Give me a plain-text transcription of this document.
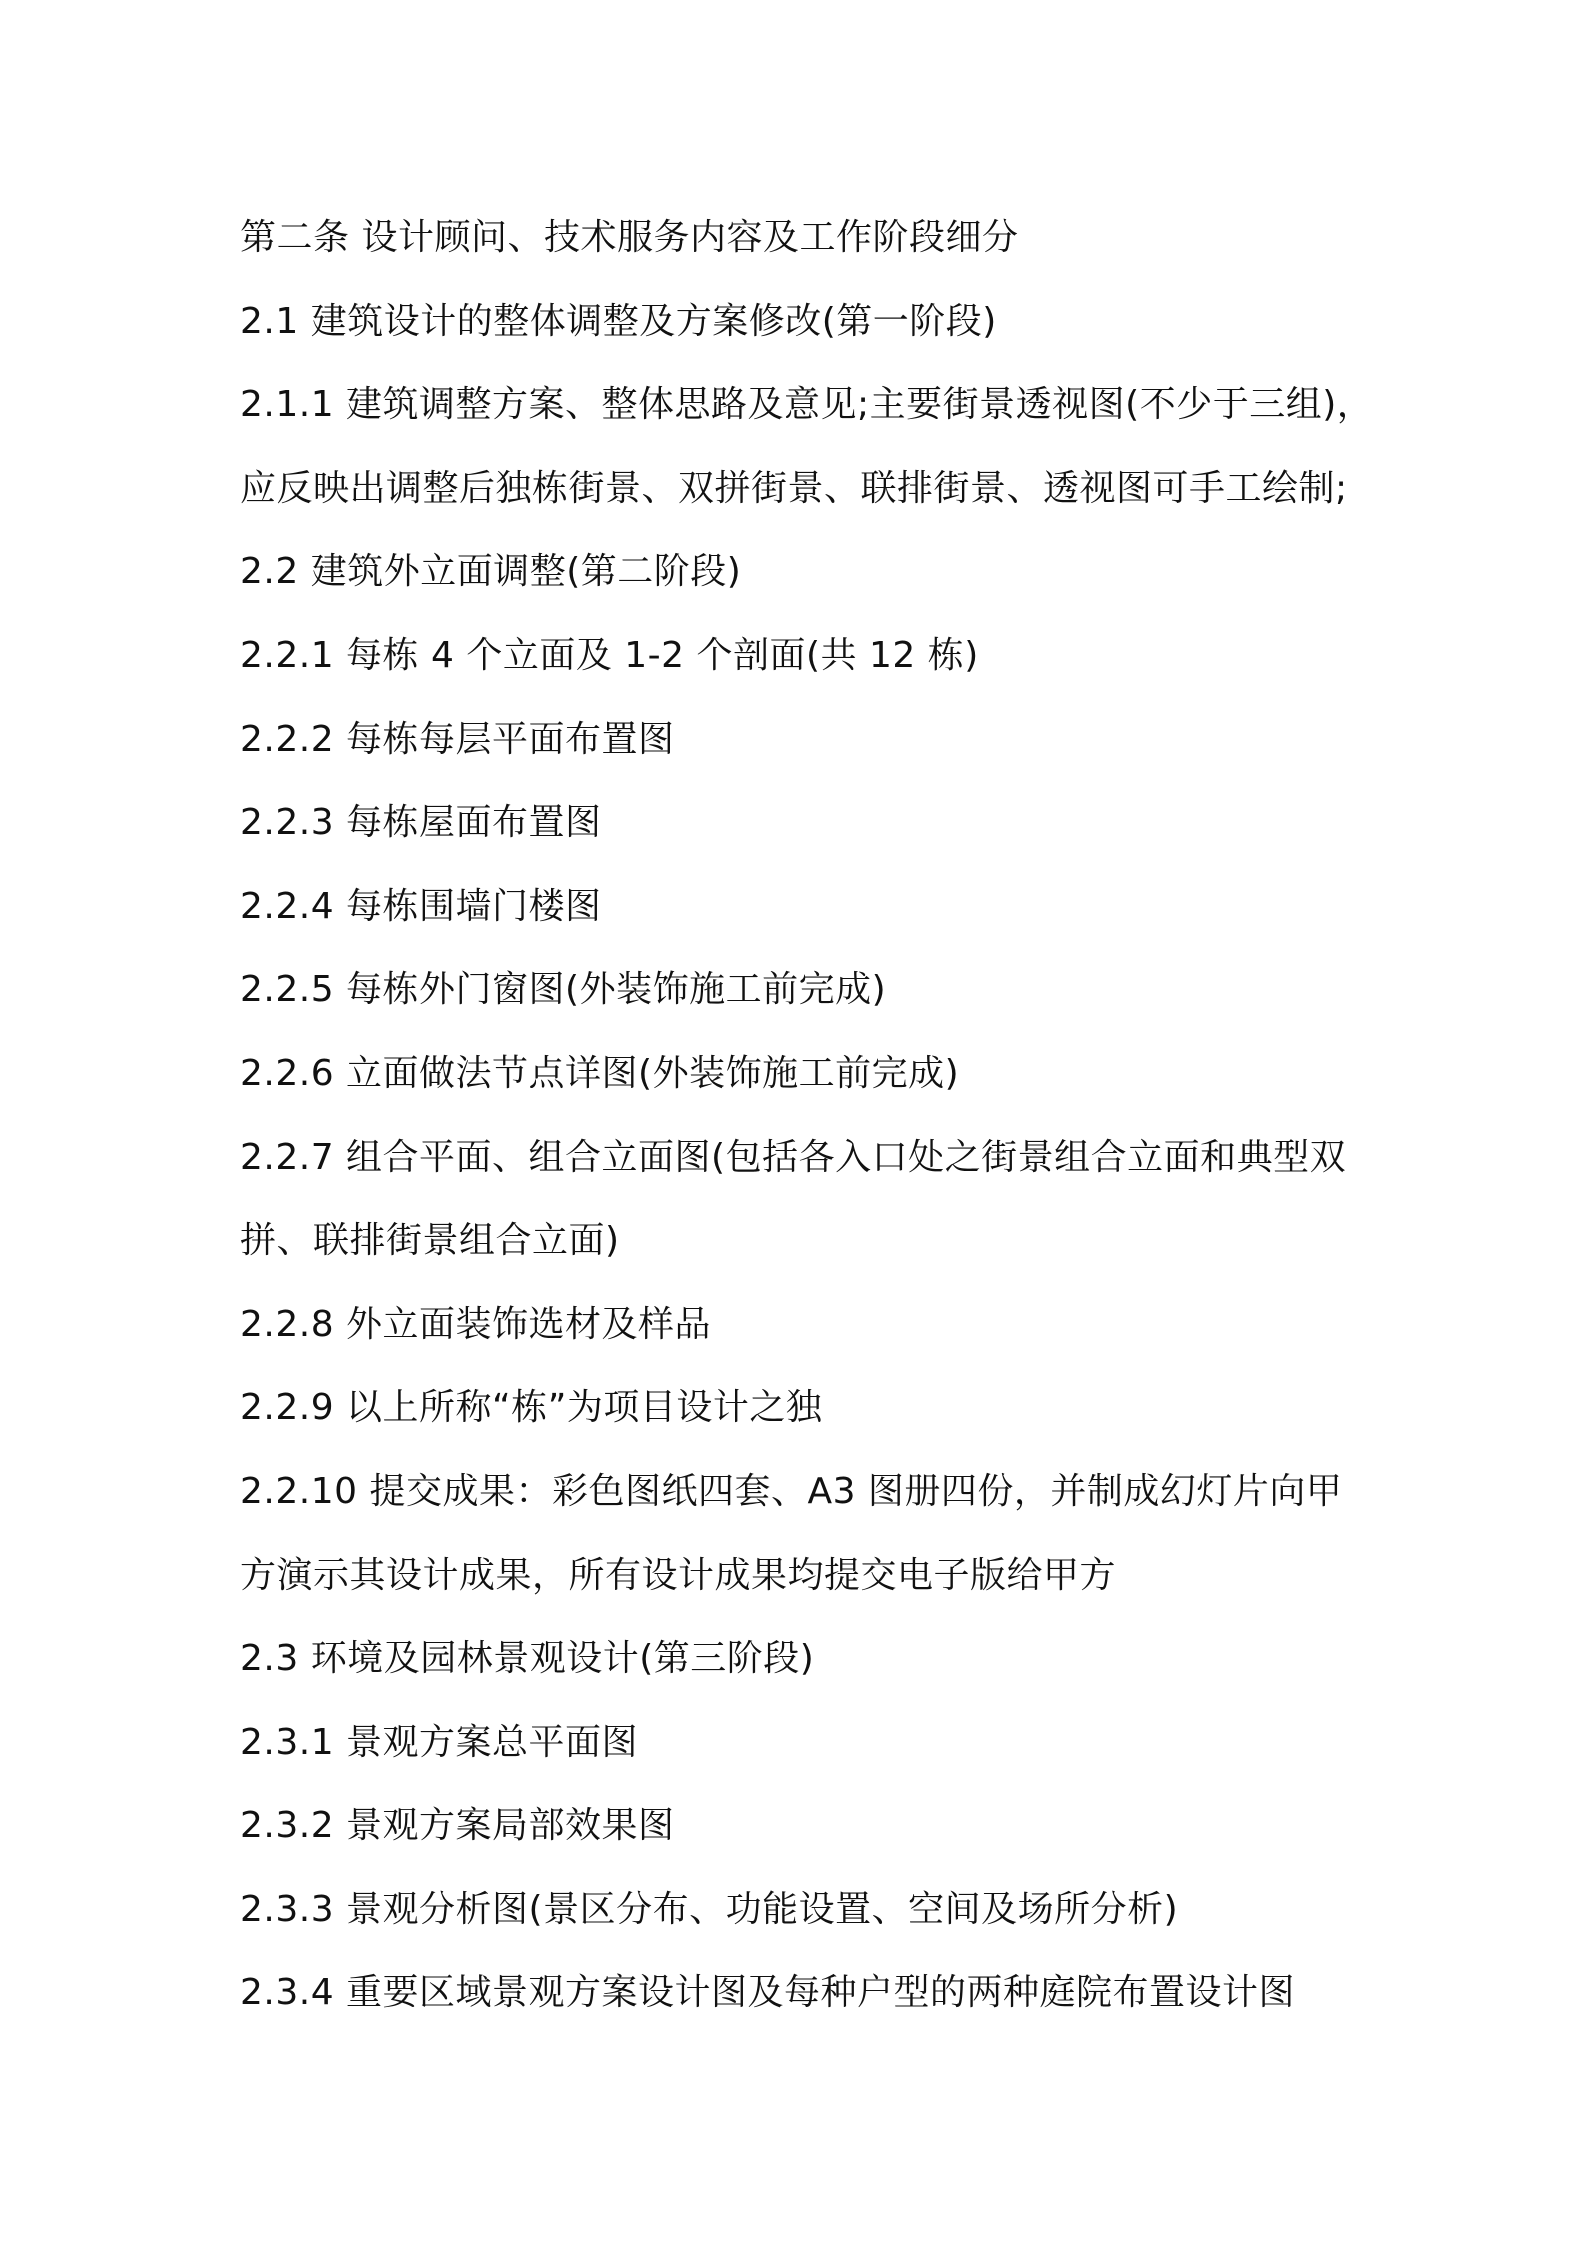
第二条 设计顾问、技术服务内容及工作阶段细分
2.1 建筑设计的整体调整及方案修改(第一阶段)
2.1.1 建筑调整方案、整体思路及意见;主要街景透视图(不少于三组)，
应反映出调整后独栋街景、双拼街景、联排街景、透视图可手工绘制;
2.2 建筑外立面调整(第二阶段)
2.2.1 每栋 4 个立面及 1-2 个剖面(共 12 栋)
2.2.2 每栋每层平面布置图
2.2.3 每栋屋面布置图
2.2.4 每栋围墙门楼图
2.2.5 每栋外门窗图(外装饰施工前完成)
2.2.6 立面做法节点详图(外装饰施工前完成)
2.2.7 组合平面、组合立面图(包括各入口处之街景组合立面和典型双
拼、联排街景组合立面)
2.2.8 外立面装饰选材及样品
2.2.9 以上所称“栋”为项目设计之独
2.2.10 提交成果：彩色图纸四套、A3 图册四份，并制成幻灯片向甲
方演示其设计成果，所有设计成果均提交电子版给甲方
2.3 环境及园林景观设计(第三阶段)
2.3.1 景观方案总平面图
2.3.2 景观方案局部效果图
2.3.3 景观分析图(景区分布、功能设置、空间及场所分析)
2.3.4 重要区域景观方案设计图及每种户型的两种庭院布置设计图
